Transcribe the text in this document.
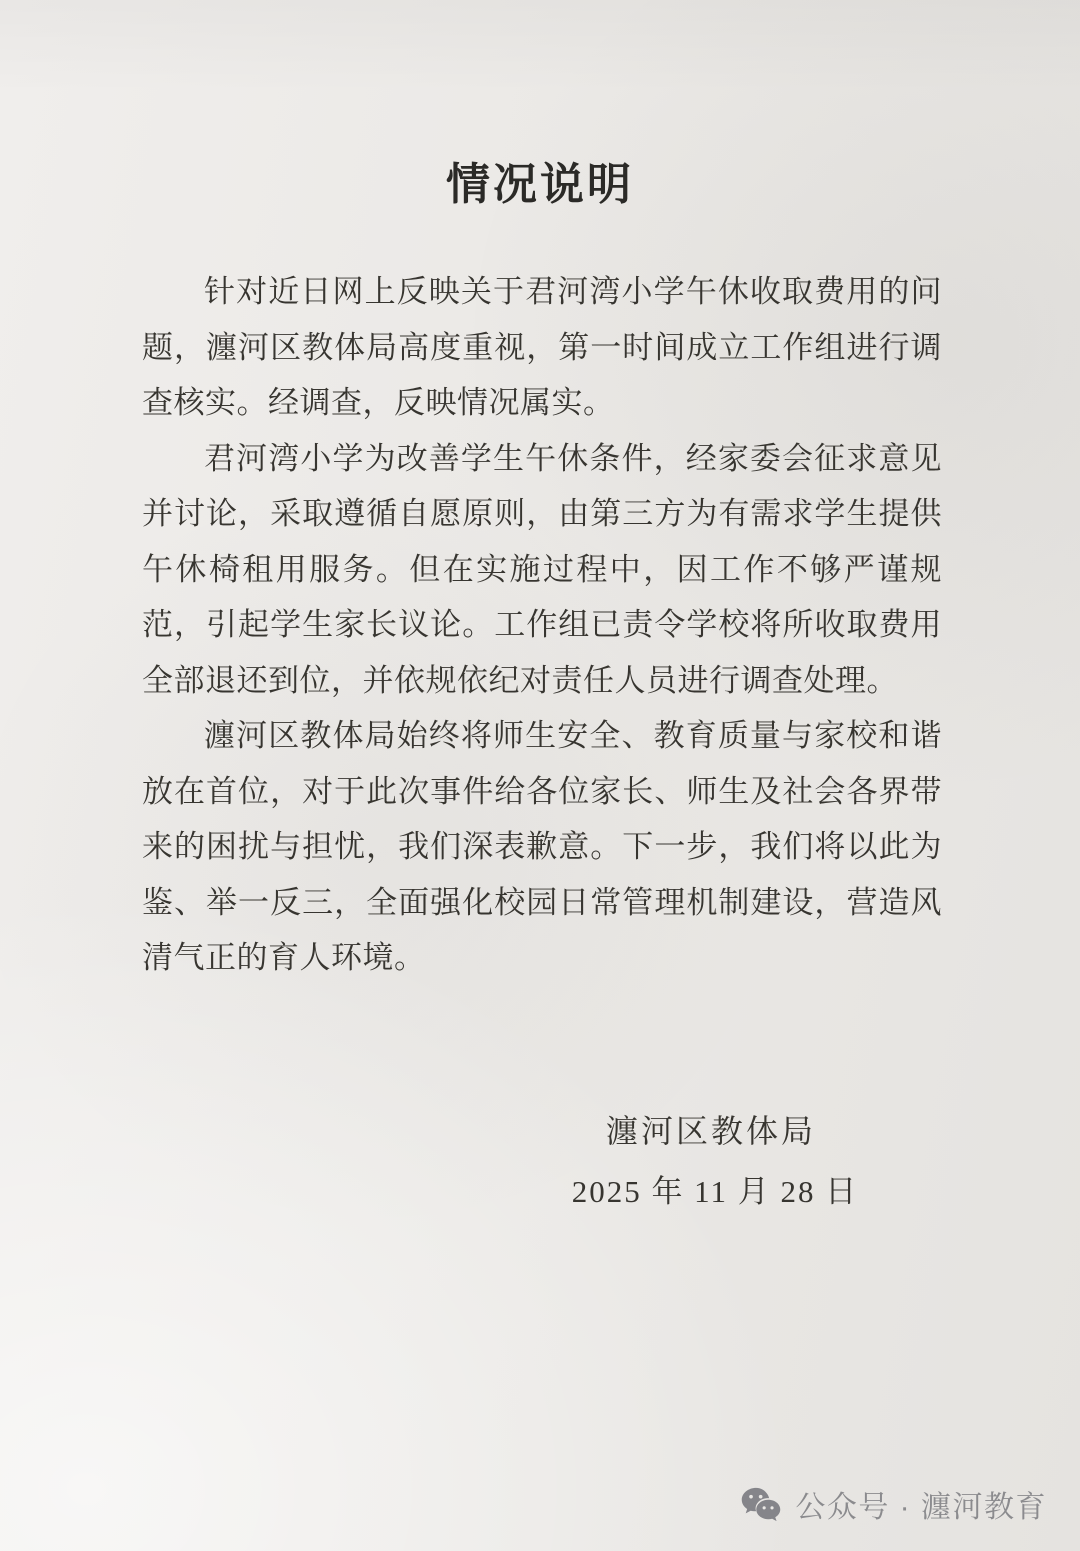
情况说明

针对近日网上反映关于君河湾小学午休收取费用的问题，瀍河区教体局高度重视，第一时间成立工作组进行调查核实。经调查，反映情况属实。

君河湾小学为改善学生午休条件，经家委会征求意见并讨论，采取遵循自愿原则，由第三方为有需求学生提供午休椅租用服务。但在实施过程中，因工作不够严谨规范，引起学生家长议论。工作组已责令学校将所收取费用全部退还到位，并依规依纪对责任人员进行调查处理。

瀍河区教体局始终将师生安全、教育质量与家校和谐放在首位，对于此次事件给各位家长、师生及社会各界带来的困扰与担忧，我们深表歉意。下一步，我们将以此为鉴、举一反三，全面强化校园日常管理机制建设，营造风清气正的育人环境。

瀍河区教体局
2025 年 11 月 28 日
公众号 · 瀍河教育
